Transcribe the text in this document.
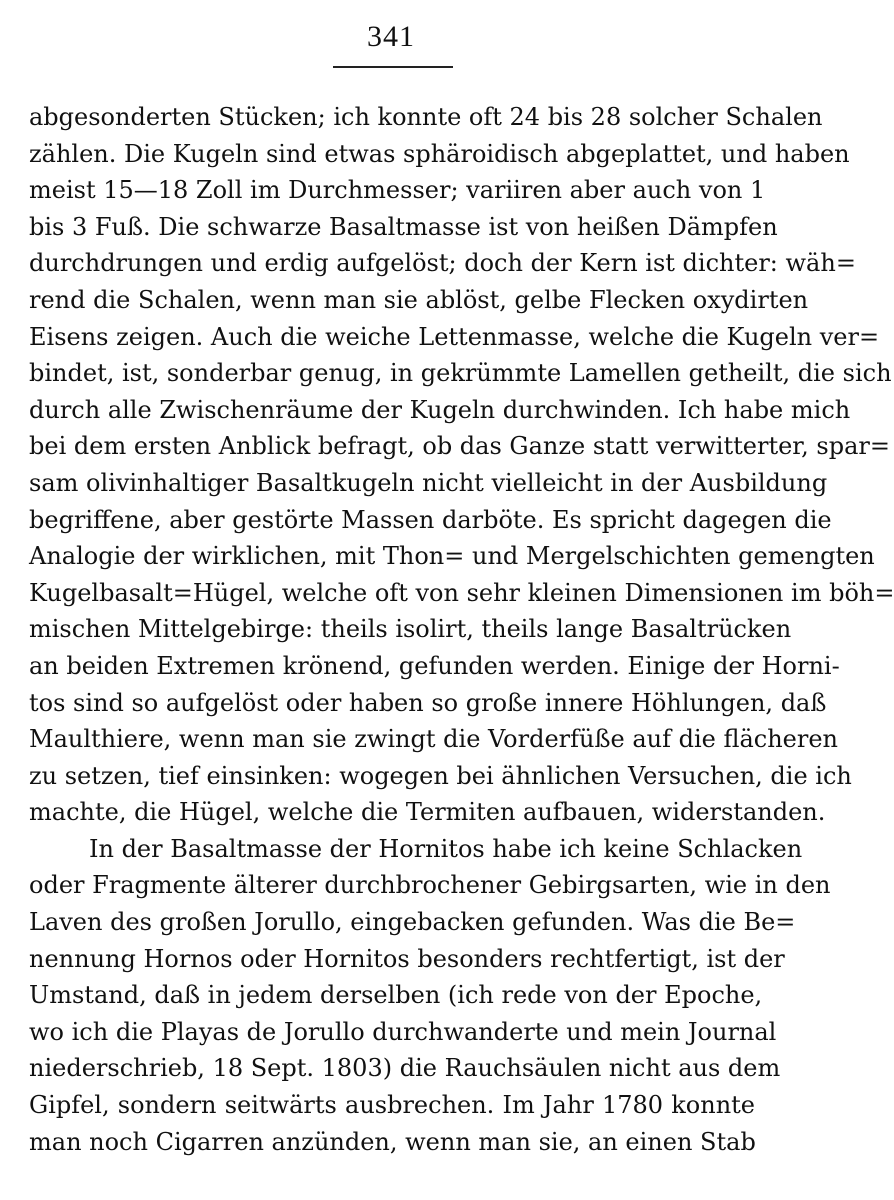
341
abgesonderten Stücken; ich konnte oft 24 bis 28 solcher Schalen
zählen. Die Kugeln sind etwas sphäroidisch abgeplattet, und haben
meist 15—18 Zoll im Durchmesser; variiren aber auch von 1
bis 3 Fuß. Die schwarze Basaltmasse ist von heißen Dämpfen
durchdrungen und erdig aufgelöst; doch der Kern ist dichter: wäh=
rend die Schalen, wenn man sie ablöst, gelbe Flecken oxydirten
Eisens zeigen. Auch die weiche Lettenmasse, welche die Kugeln ver=
bindet, ist, sonderbar genug, in gekrümmte Lamellen getheilt, die sich
durch alle Zwischenräume der Kugeln durchwinden. Ich habe mich
bei dem ersten Anblick befragt, ob das Ganze statt verwitterter, spar=
sam olivinhaltiger Basaltkugeln nicht vielleicht in der Ausbildung
begriffene, aber gestörte Massen darböte. Es spricht dagegen die
Analogie der wirklichen, mit Thon= und Mergelschichten gemengten
Kugelbasalt=Hügel, welche oft von sehr kleinen Dimensionen im böh=
mischen Mittelgebirge: theils isolirt, theils lange Basaltrücken
an beiden Extremen krönend, gefunden werden. Einige der Horni-
tos sind so aufgelöst oder haben so große innere Höhlungen, daß
Maulthiere, wenn man sie zwingt die Vorderfüße auf die flächeren
zu setzen, tief einsinken: wogegen bei ähnlichen Versuchen, die ich
machte, die Hügel, welche die Termiten aufbauen, widerstanden.
In der Basaltmasse der Hornitos habe ich keine Schlacken
oder Fragmente älterer durchbrochener Gebirgsarten, wie in den
Laven des großen Jorullo, eingebacken gefunden. Was die Be=
nennung Hornos oder Hornitos besonders rechtfertigt, ist der
Umstand, daß in jedem derselben (ich rede von der Epoche,
wo ich die Playas de Jorullo durchwanderte und mein Journal
niederschrieb, 18 Sept. 1803) die Rauchsäulen nicht aus dem
Gipfel, sondern seitwärts ausbrechen. Im Jahr 1780 konnte
man noch Cigarren anzünden, wenn man sie, an einen Stab
